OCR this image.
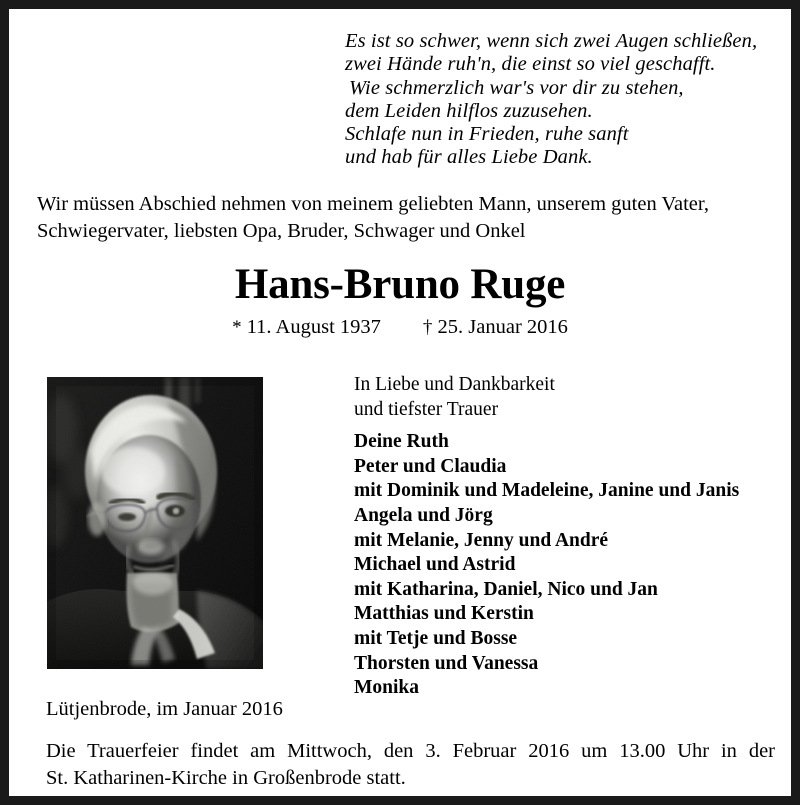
Es ist so schwer, wenn sich zwei Augen schließen,
zwei Hände ruh'n, die einst so viel geschafft.
Wie schmerzlich war's vor dir zu stehen,
dem Leiden hilflos zuzusehen.
Schlafe nun in Frieden, ruhe sanft
und hab für alles Liebe Dank.
Wir müssen Abschied nehmen von meinem geliebten Mann, unserem guten Vater,
Schwiegervater, liebsten Opa, Bruder, Schwager und Onkel
Hans-Bruno Ruge
* 11. August 1937 † 25. Januar 2016
In Liebe und Dankbarkeit
und tiefster Trauer
Deine Ruth
Peter und Claudia
mit Dominik und Madeleine, Janine und Janis
Angela und Jörg
mit Melanie, Jenny und André
Michael und Astrid
mit Katharina, Daniel, Nico und Jan
Matthias und Kerstin
mit Tetje und Bosse
Thorsten und Vanessa
Monika
Lütjenbrode, im Januar 2016
Die Trauerfeier findet am Mittwoch, den 3. Februar 2016 um 13.00 Uhr in der
St. Katharinen-Kirche in Großenbrode statt.
